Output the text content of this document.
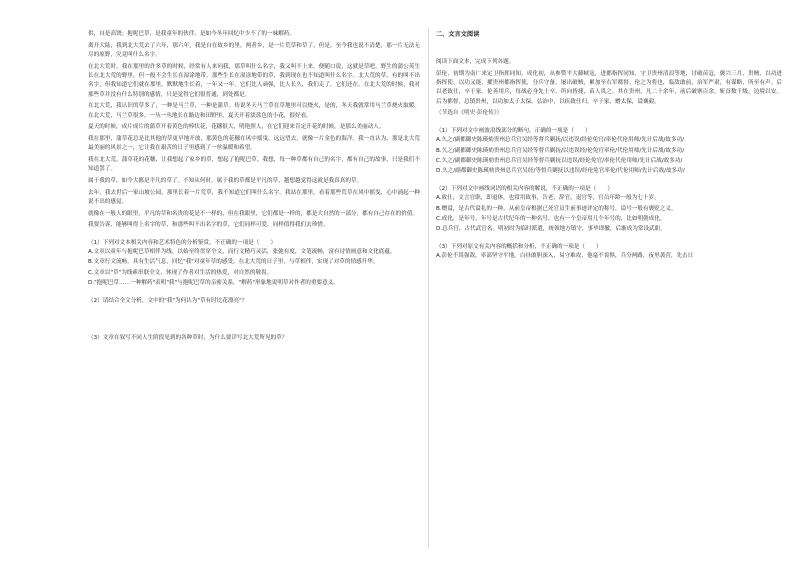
供，自是高饶；抱呢巴草，是我童年的伙伴，是如今冬年回忆中少不了的一味解药。

离开大陆，我到北大荒去了六年，那六年，我是自在故乡的里，两者乡，是一片荒草和草了，但是，至今我也说不清楚，那一片无法无尽的原野，究竟叫什么名字。

在北大荒时，我在那里的许多草的时候，经常有人来问我，那草叫什么名字，我又叫不上来，便随口说，这就是草吧。野生的蒲公英生长在北大荒的野里，但一般不会生长在湿涂地带。那些生长在湿涂地带的草，我到现在也不知道叫什么名字。北大荒的草，有的叫不出名字，但我知道它们就在那里，默默地生长着，一年又一年。它们比人顽强，比人长久，我们走了，它们还在。在北大荒的时候，我对那些草并没有什么特别的感情，只是觉得它们很普通，到处都是。

在北大荒，我认识的草多了，一种是马兰草，一种是蒲草。传说冬天马兰草在草地里可以烧火，是的，冬天我就常用马兰草烧火取暖。在北大荒，马兰草很多，一丛一丛地长在路边和田野里，夏天开着淡蓝色的小花，很好看。

夏天的时候，成片成片的蒲草开着黄色的棒状花，花穗很大，明艳照人，在它们迎来肯定开花的时候，是那么美丽动人。

我在那里，蒲草花总是比其他的草更早地开放，那黄色的花穗在风中摇曳，远远望去，就像一片金色的海洋。我一直认为，那是北大荒最美丽的风景之一，它让我在艰苦的日子里感到了一丝温暖和希望。

我在北大荒，蒲草花的花穗，让我想起了家乡的草，想起了抱呢巴草。我想，每一种草都有自己的名字，都有自己的故事，只是我们不知道罢了。

属于我的草，如今大都是平凡的草了。不知从何时，属于我的草都是平凡的草，越想越觉得这就是我真真的草。

去年，我去世后一家山坡公园，那里长着一片荒草，我不知道它们叫什么名字。我站在那里，看着那些荒草在风中摇曳，心中涌起一种说不出的感觉。

就像在一般人的眼里，平凡的草和名贵的花是不一样的，但在我眼里，它们都是一样的，都是大自然的一部分，都有自己存在的价值。

我要告诉，能够叫得上名字的草，和那些叫不出名字的草，它们同样可爱，同样值得我们去珍惜。

（1）下列对文本相关内容和艺术特色的分析鉴赏，不正确的一项是（　　）

A.文章以童年与抱呢巴草相伴为线，以始至终贯穿全文，而行文精巧灵活，张弛有度，文笔流畅，富有诗情画意和文化底蕴。

B.文章行文流畅，具有生活气息，回忆"我"对童年草的感受，在北大荒的日子里，与草相伴，实现了对草的情感升华。

C.文章以"草"为线索串联全文，体现了作者对生活的热爱，对自然的敬畏。

D."抱呢巴草……一种解药"表明"我"与抱呢巴草的亲密关系，"解药"形象地说明草对作者的重要意义。

（2）请结合全文分析，文中的"我"为何认为"草有时比花漂亮"？

（3）文章在叙写不同人生阶段见到的各种草时，为什么要详写北大荒所见的草？

二、文言文阅读

阅读下面文本，完成下列各题。

彭伦，初期为南广来定卫指挥同知。成化初，从参赞平大藤峡寇，进都指挥同知，守卫贵州清浪等地，讨破苗寇，褒兴三月，贵贼，以功进指挥使。以功又能，擢贵州都指挥使，分兵守备，屡出破贼，累加至右军都督。伦之为将也，临敌敢前，治军严肃，有谋略，所至有声。后以老致仕，卒于家。伦善用兵，每战必身先士卒，所向皆捷，苗人畏之。其在贵州，凡二十余年，前后破寨百余，斩首数千级，边境以安。后为都督，总镇贵州，以功加太子太保。弘治中，以疾致仕归，卒于家，赠太保，谥襄毅。

（节选自《明史·彭伦传》）

（1）下列对文中画波浪线部分的断句，正确的一项是（　　）

A.久之/副都御史陈瑛劾贵州总兵官吴经等督兵剿抚/以违误/经伦免官/率伦代伦用师/先计后战/故多功/

B.久之/副都御史陈瑛劾贵州总兵官吴经等督兵剿抚/以违误经/伦免官率伦/代伦用师/先计后战/故多功/

C.久之/副都御史陈瑛劾贵州总兵官吴经等督兵剿抚以违误/经伦免官/率伦代伦用师/先计后战/故多功/

D.久之/副都御史陈瑛劾贵州总兵官吴经/等督兵剿抚以违误/经伦免官率伦/代伦用师/先计后战/故多功/

（2）下列对文中画线词语的相关内容的解说，不正确的一项是（　　）

A.致仕，文言官职，即退休，也常用致事，告老，辞官，退官等，官员年龄一般为七十岁。

B.赠谥，是古代谥礼的一种，从前皇帝根据已死官员生前事迹评定的称号，谥号一般有褒贬之义。

C.成化，是年号。年号是古代纪年的一种名号，也有一个皇帝用几个年号的，比如明朝成化。

D.总兵官，古代武官名。明初时为临时派遣，统领地方镇守，事毕即撤，后渐成为常设武职。

（3）下列对原文有关内容的概括和分析，不正确的一项是（　　）

A.彭伦不畏强敌，率部坚守平地。白昼敢胆深入，易守难攻，他毫不畏惧，兵分两路，夜里袭营，先击日
